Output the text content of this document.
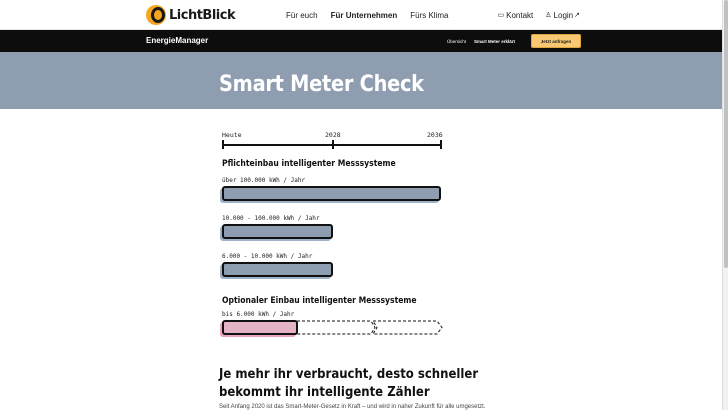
LichtBlick	Für euch Für Unternehmen Fürs Klima	▭ Kontakt ♙ Login ↗
EnergieManager	Übersicht Smart Meter erklärt	Jetzt anfragen
Smart Meter Check
Heute	2028	2036
Pflichteinbau intelligenter Messsysteme
über 100.000 kWh / Jahr
10.000 - 100.000 kWh / Jahr
6.000 - 10.000 kWh / Jahr
Optionaler Einbau intelligenter Messsysteme
bis 6.000 kWh / Jahr
Je mehr ihr verbraucht, desto schneller bekommt ihr intelligente Zähler
Seit Anfang 2020 ist das Smart-Meter-Gesetz in Kraft – und wird in naher Zukunft für alle umgesetzt.
